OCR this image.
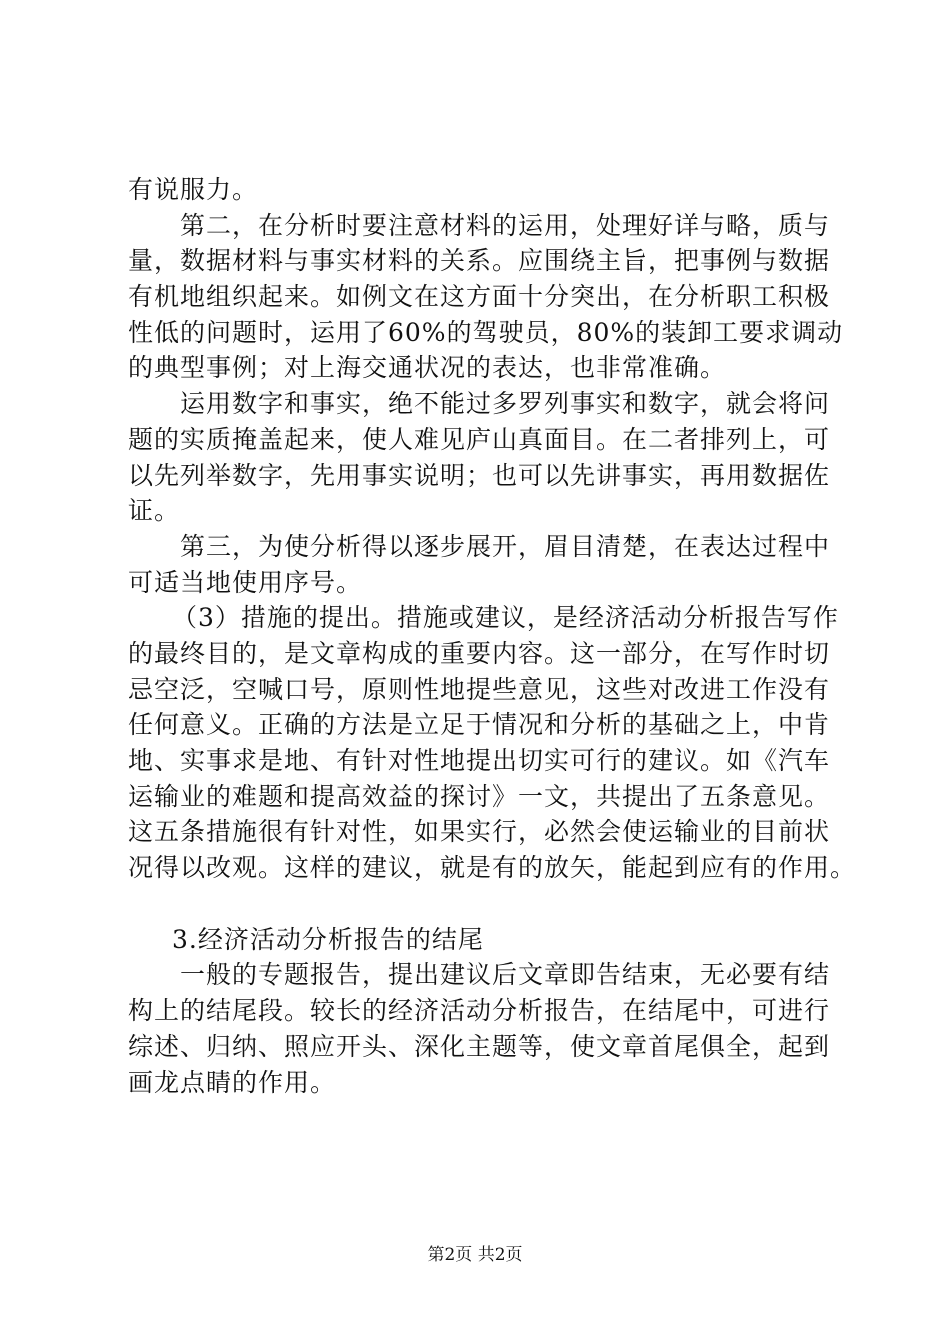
有说服力。
第二，在分析时要注意材料的运用，处理好详与略，质与
量，数据材料与事实材料的关系。应围绕主旨，把事例与数据
有机地组织起来。如例文在这方面十分突出，在分析职工积极
性低的问题时，运用了60%的驾驶员，80%的装卸工要求调动
的典型事例；对上海交通状况的表达，也非常准确。
运用数字和事实，绝不能过多罗列事实和数字，就会将问
题的实质掩盖起来，使人难见庐山真面目。在二者排列上，可
以先列举数字，先用事实说明；也可以先讲事实，再用数据佐
证。
第三，为使分析得以逐步展开，眉目清楚，在表达过程中
可适当地使用序号。
（3）措施的提出。措施或建议，是经济活动分析报告写作
的最终目的，是文章构成的重要内容。这一部分，在写作时切
忌空泛，空喊口号，原则性地提些意见，这些对改进工作没有
任何意义。正确的方法是立足于情况和分析的基础之上，中肯
地、实事求是地、有针对性地提出切实可行的建议。如《汽车
运输业的难题和提高效益的探讨》一文，共提出了五条意见。
这五条措施很有针对性，如果实行，必然会使运输业的目前状
况得以改观。这样的建议，就是有的放矢，能起到应有的作用。
3.经济活动分析报告的结尾
一般的专题报告，提出建议后文章即告结束，无必要有结
构上的结尾段。较长的经济活动分析报告，在结尾中，可进行
综述、归纳、照应开头、深化主题等，使文章首尾俱全，起到
画龙点睛的作用。
第2页 共2页
